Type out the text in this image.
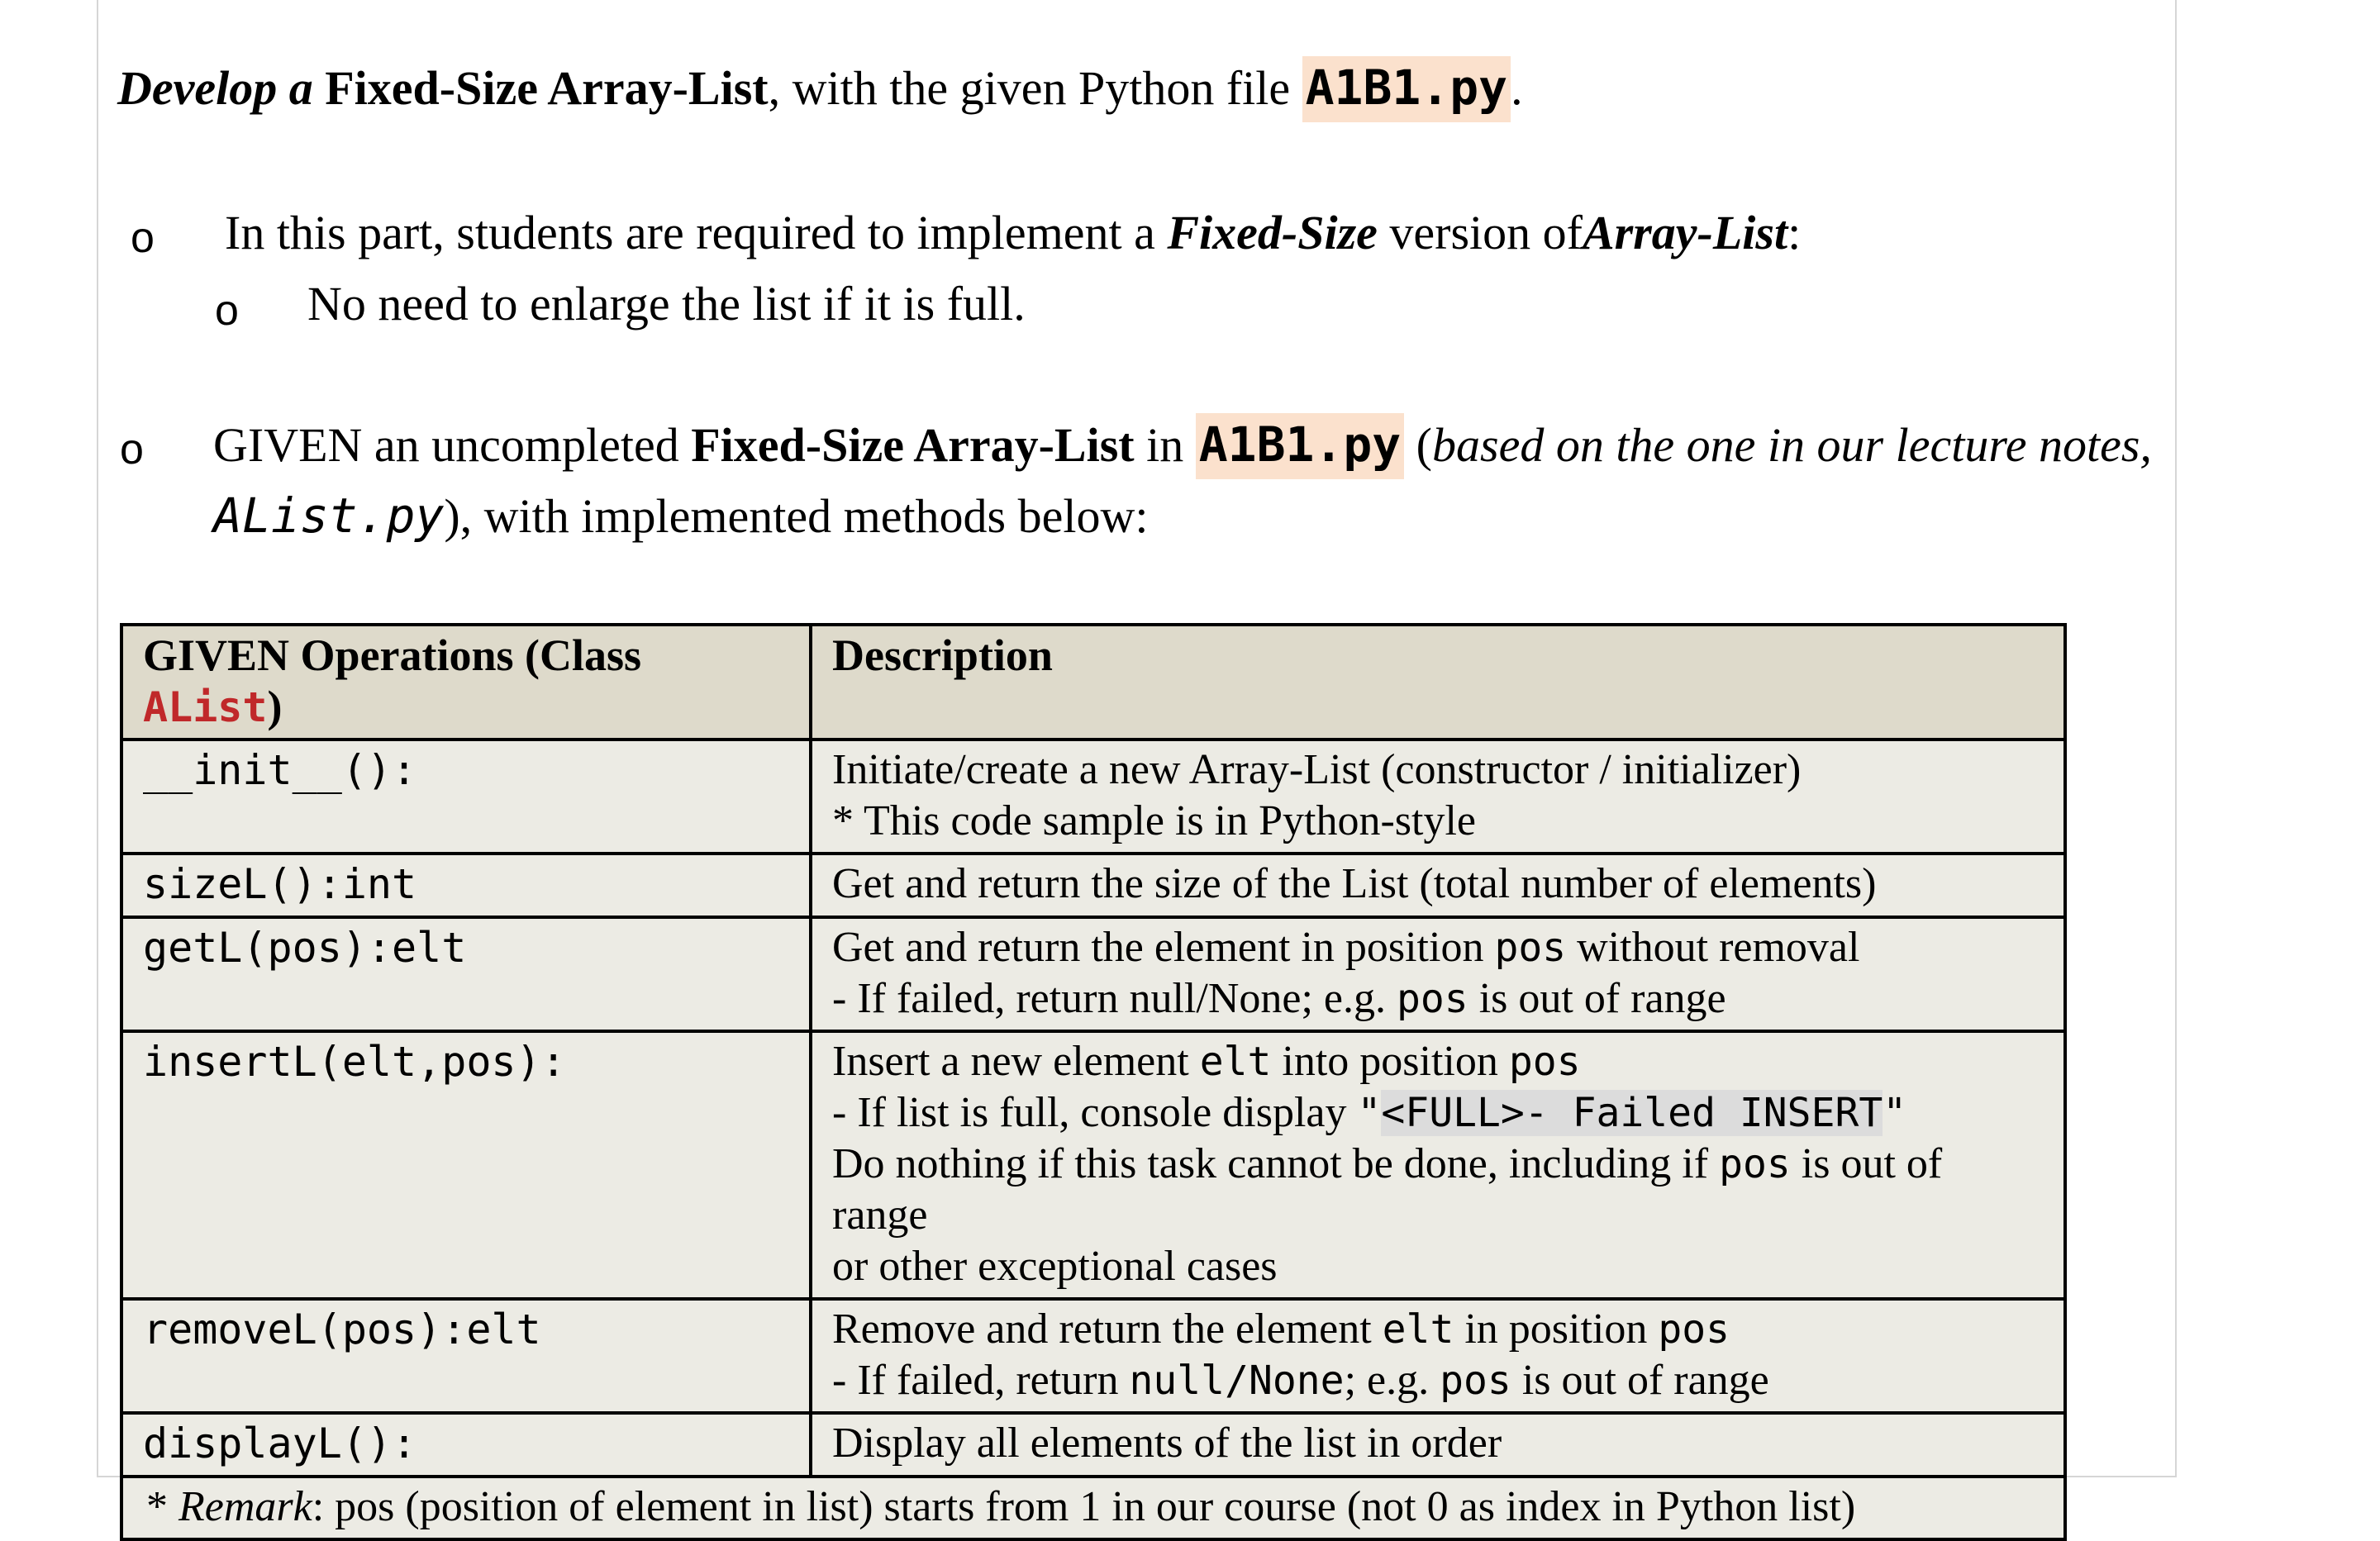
Develop a Fixed-Size Array-List, with the given Python file A1B1.py.
o In this part, students are required to implement a Fixed-Size version ofArray-List:
o No need to enlarge the list if it is full.
o GIVEN an uncompleted Fixed-Size Array-List in A1B1.py (based on the one in our lecture notes,
AList.py), with implemented methods below:
GIVEN Operations (Class AList)	Description
__init__():	Initiate/create a new Array-List (constructor / initializer)
* This code sample is in Python-style

sizeL():int	Get and return the size of the List (total number of elements)

getL(pos):elt	Get and return the element in position pos without removal
- If failed, return null/None; e.g. pos is out of range

insertL(elt,pos):	Insert a new element elt into position pos
- If list is full, console display "<FULL>- Failed INSERT"
Do nothing if this task cannot be done, including if pos is out of range
or other exceptional cases

removeL(pos):elt	Remove and return the element elt in position pos
- If failed, return null/None; e.g. pos is out of range

displayL():	Display all elements of the list in order

* Remark: pos (position of element in list) starts from 1 in our course (not 0 as index in Python list)	
